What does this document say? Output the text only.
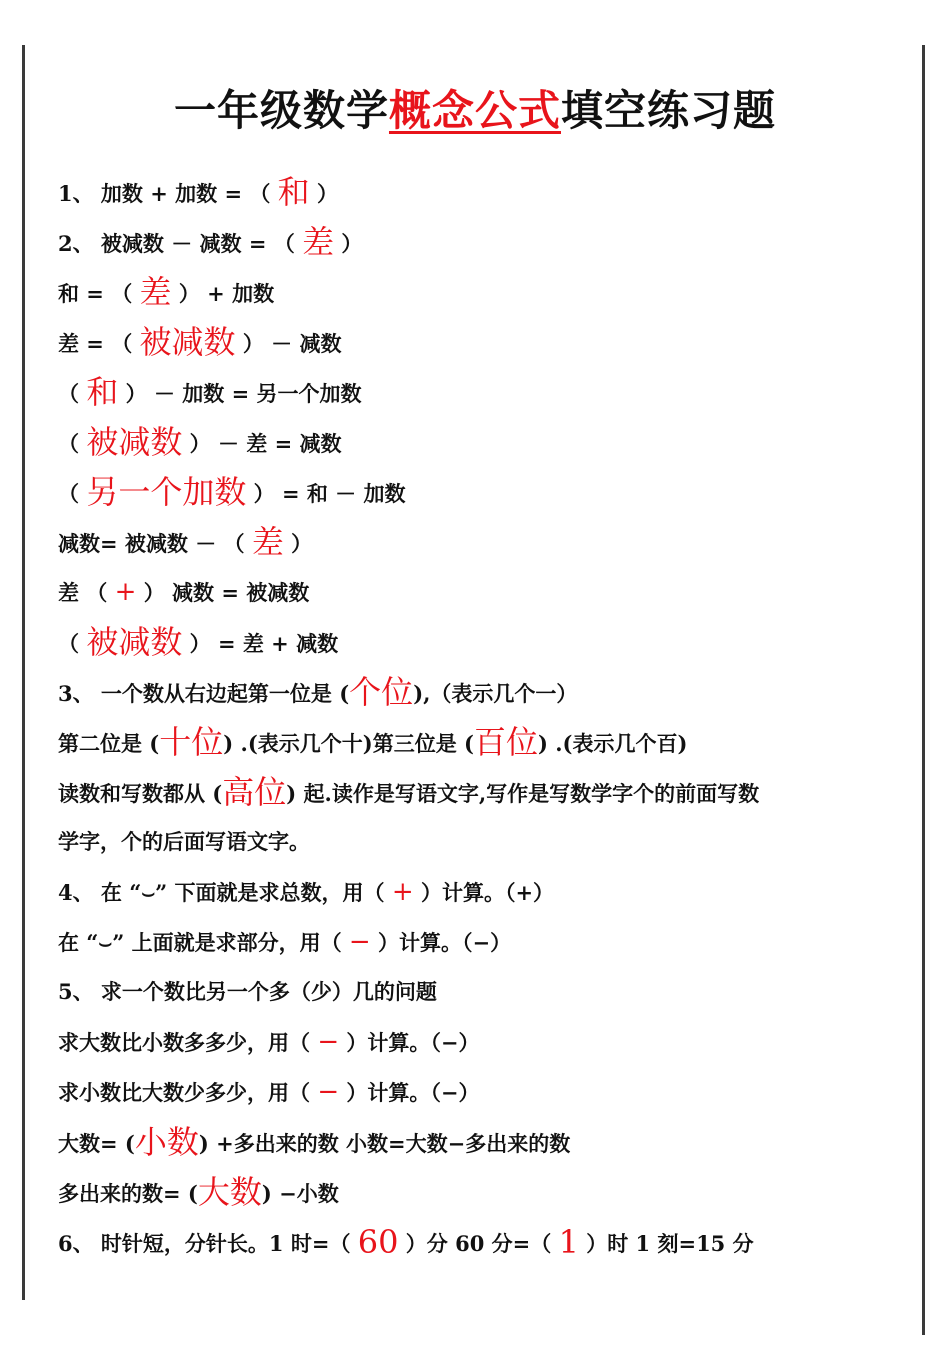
一年级数学概念公式填空练习题
1、 加数 + 加数 = （ 和 ）
2、 被减数 － 减数 = （ 差 ）
和 = （ 差 ） + 加数
差 = （ 被减数 ） － 减数
（ 和 ） － 加数 = 另一个加数
（ 被减数 ） － 差 = 减数
（ 另一个加数 ） = 和 － 加数
减数= 被减数 － （ 差 ）
差 （ + ） 减数 = 被减数
（ 被减数 ） = 差 + 减数
3、 一个数从右边起第一位是 (个位),（表示几个一）
第二位是 (十位) .(表示几个十)第三位是 (百位) .(表示几个百)
读数和写数都从 (高位) 起.读作是写语文字,写作是写数学字个的前面写数
学字，个的后面写语文字。
4、 在 “⌣” 下面就是求总数，用（ + ）计算。（+）
在 “⌣” 上面就是求部分，用（ − ）计算。（−）
5、 求一个数比另一个多（少）几的问题
求大数比小数多多少，用（ − ）计算。（−）
求小数比大数少多少，用（ − ）计算。（−）
大数= (小数) +多出来的数 小数=大数−多出来的数
多出来的数= (大数) −小数
6、 时针短，分针长。1 时=（ 60 ）分 60 分=（ 1 ）时 1 刻=15 分
